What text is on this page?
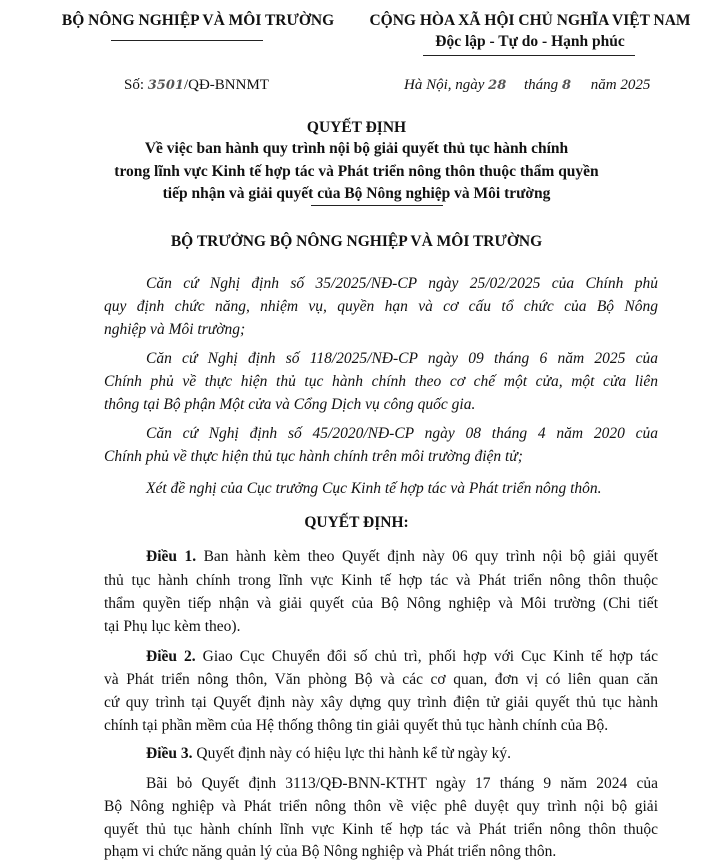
BỘ NÔNG NGHIỆP VÀ MÔI TRƯỜNG	CỘNG HÒA XÃ HỘI CHỦ NGHĨA VIỆT NAM
Độc lập - Tự do - Hạnh phúc
Số: 3501/QĐ-BNNMT	Hà Nội, ngày 28 tháng 8 năm 2025
QUYẾT ĐỊNH
Về việc ban hành quy trình nội bộ giải quyết thủ tục hành chính
trong lĩnh vực Kinh tế hợp tác và Phát triển nông thôn thuộc thẩm quyền
tiếp nhận và giải quyết của Bộ Nông nghiệp và Môi trường
BỘ TRƯỞNG BỘ NÔNG NGHIỆP VÀ MÔI TRƯỜNG
Căn cứ Nghị định số 35/2025/NĐ-CP ngày 25/02/2025 của Chính phủ
quy định chức năng, nhiệm vụ, quyền hạn và cơ cấu tổ chức của Bộ Nông
nghiệp và Môi trường;
Căn cứ Nghị định số 118/2025/NĐ-CP ngày 09 tháng 6 năm 2025 của
Chính phủ về thực hiện thủ tục hành chính theo cơ chế một cửa, một cửa liên
thông tại Bộ phận Một cửa và Cổng Dịch vụ công quốc gia.
Căn cứ Nghị định số 45/2020/NĐ-CP ngày 08 tháng 4 năm 2020 của
Chính phủ về thực hiện thủ tục hành chính trên môi trường điện tử;
Xét đề nghị của Cục trưởng Cục Kinh tế hợp tác và Phát triển nông thôn.
QUYẾT ĐỊNH:
Điều 1. Ban hành kèm theo Quyết định này 06 quy trình nội bộ giải quyết
thủ tục hành chính trong lĩnh vực Kinh tế hợp tác và Phát triển nông thôn thuộc
thẩm quyền tiếp nhận và giải quyết của Bộ Nông nghiệp và Môi trường (Chi tiết
tại Phụ lục kèm theo).
Điều 2. Giao Cục Chuyển đổi số chủ trì, phối hợp với Cục Kinh tế hợp tác
và Phát triển nông thôn, Văn phòng Bộ và các cơ quan, đơn vị có liên quan căn
cứ quy trình tại Quyết định này xây dựng quy trình điện tử giải quyết thủ tục hành
chính tại phần mềm của Hệ thống thông tin giải quyết thủ tục hành chính của Bộ.
Điều 3. Quyết định này có hiệu lực thi hành kể từ ngày ký.
Bãi bỏ Quyết định 3113/QĐ-BNN-KTHT ngày 17 tháng 9 năm 2024 của
Bộ Nông nghiệp và Phát triển nông thôn về việc phê duyệt quy trình nội bộ giải
quyết thủ tục hành chính lĩnh vực Kinh tế hợp tác và Phát triển nông thôn thuộc
phạm vi chức năng quản lý của Bộ Nông nghiệp và Phát triển nông thôn.
